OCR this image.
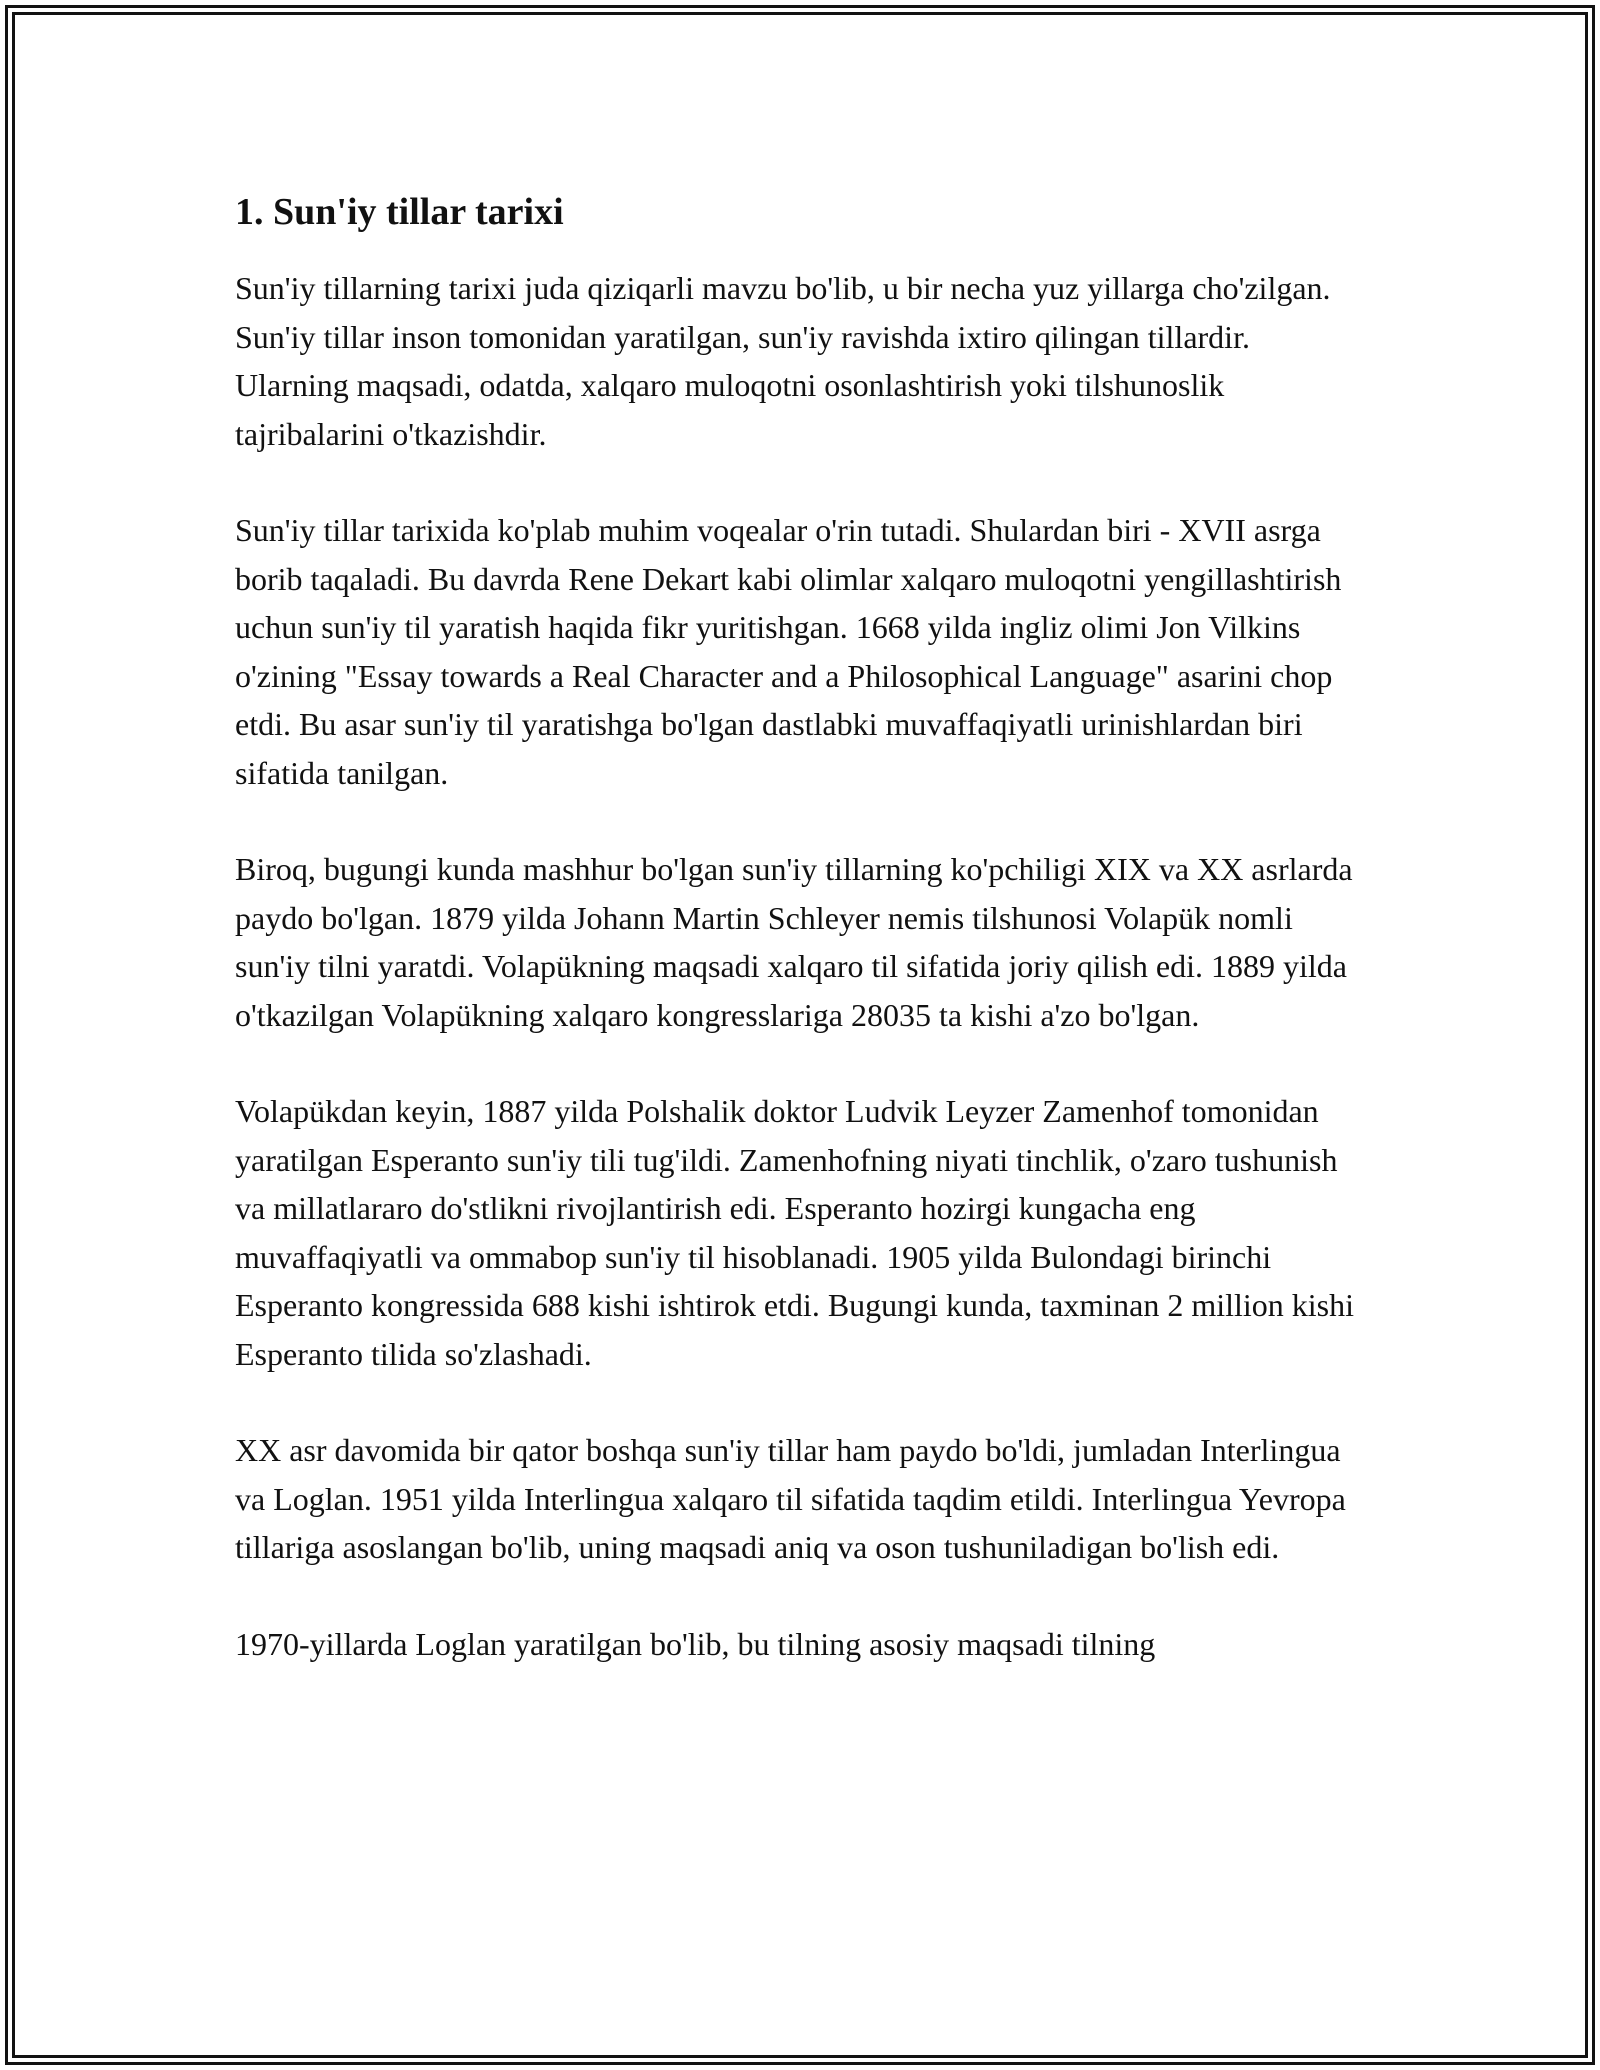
1. Sun'iy tillar tarixi

Sun'iy tillarning tarixi juda qiziqarli mavzu bo'lib, u bir necha yuz yillarga cho'zilgan. Sun'iy tillar inson tomonidan yaratilgan, sun'iy ravishda ixtiro qilingan tillardir. Ularning maqsadi, odatda, xalqaro muloqotni osonlashtirish yoki tilshunoslik tajribalarini o'tkazishdir.

Sun'iy tillar tarixida ko'plab muhim voqealar o'rin tutadi. Shulardan biri - XVII asrga borib taqaladi. Bu davrda Rene Dekart kabi olimlar xalqaro muloqotni yengillashtirish uchun sun'iy til yaratish haqida fikr yuritishgan. 1668 yilda ingliz olimi Jon Vilkins o'zining "Essay towards a Real Character and a Philosophical Language" asarini chop etdi. Bu asar sun'iy til yaratishga bo'lgan dastlabki muvaffaqiyatli urinishlardan biri sifatida tanilgan.

Biroq, bugungi kunda mashhur bo'lgan sun'iy tillarning ko'pchiligi XIX va XX asrlarda paydo bo'lgan. 1879 yilda Johann Martin Schleyer nemis tilshunosi Volapük nomli sun'iy tilni yaratdi. Volapükning maqsadi xalqaro til sifatida joriy qilish edi. 1889 yilda o'tkazilgan Volapükning xalqaro kongresslariga 28035 ta kishi a'zo bo'lgan.

Volapükdan keyin, 1887 yilda Polshalik doktor Ludvik Leyzer Zamenhof tomonidan yaratilgan Esperanto sun'iy tili tug'ildi. Zamenhofning niyati tinchlik, o'zaro tushunish va millatlararo do'stlikni rivojlantirish edi. Esperanto hozirgi kungacha eng muvaffaqiyatli va ommabop sun'iy til hisoblanadi. 1905 yilda Bulondagi birinchi Esperanto kongressida 688 kishi ishtirok etdi. Bugungi kunda, taxminan 2 million kishi Esperanto tilida so'zlashadi.

XX asr davomida bir qator boshqa sun'iy tillar ham paydo bo'ldi, jumladan Interlingua va Loglan. 1951 yilda Interlingua xalqaro til sifatida taqdim etildi. Interlingua Yevropa tillariga asoslangan bo'lib, uning maqsadi aniq va oson tushuniladigan bo'lish edi.

1970-yillarda Loglan yaratilgan bo'lib, bu tilning asosiy maqsadi tilning
